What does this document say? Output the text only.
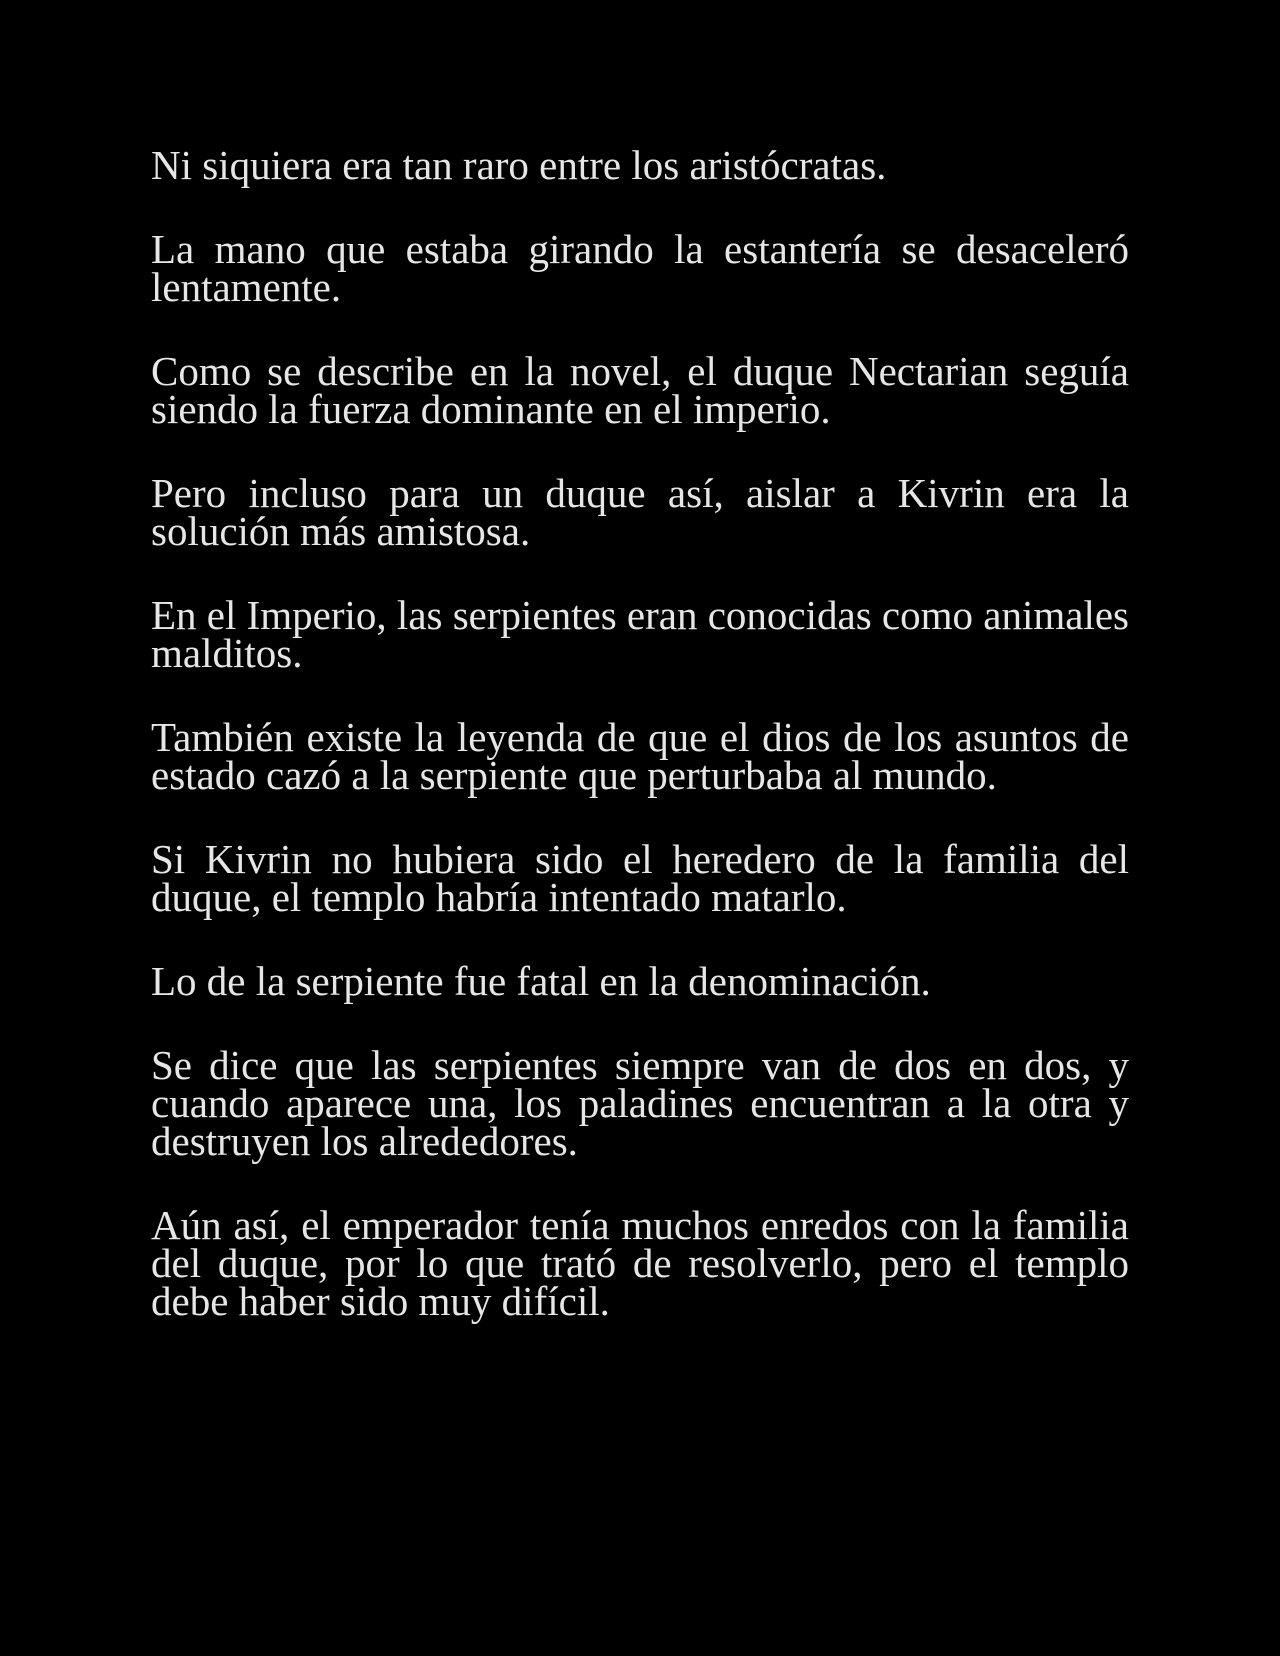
Ni siquiera era tan raro entre los aristócratas.

La mano que estaba girando la estantería se desaceleró lentamente.

Como se describe en la novel, el duque Nectarian seguía siendo la fuerza dominante en el imperio.

Pero incluso para un duque así, aislar a Kivrin era la solución más amistosa.

En el Imperio, las serpientes eran conocidas como animales malditos.

También existe la leyenda de que el dios de los asuntos de estado cazó a la serpiente que perturbaba al mundo.

Si Kivrin no hubiera sido el heredero de la familia del duque, el templo habría intentado matarlo.

Lo de la serpiente fue fatal en la denominación.

Se dice que las serpientes siempre van de dos en dos, y cuando aparece una, los paladines encuentran a la otra y destruyen los alrededores.

Aún así, el emperador tenía muchos enredos con la familia del duque, por lo que trató de resolverlo, pero el templo debe haber sido muy difícil.
